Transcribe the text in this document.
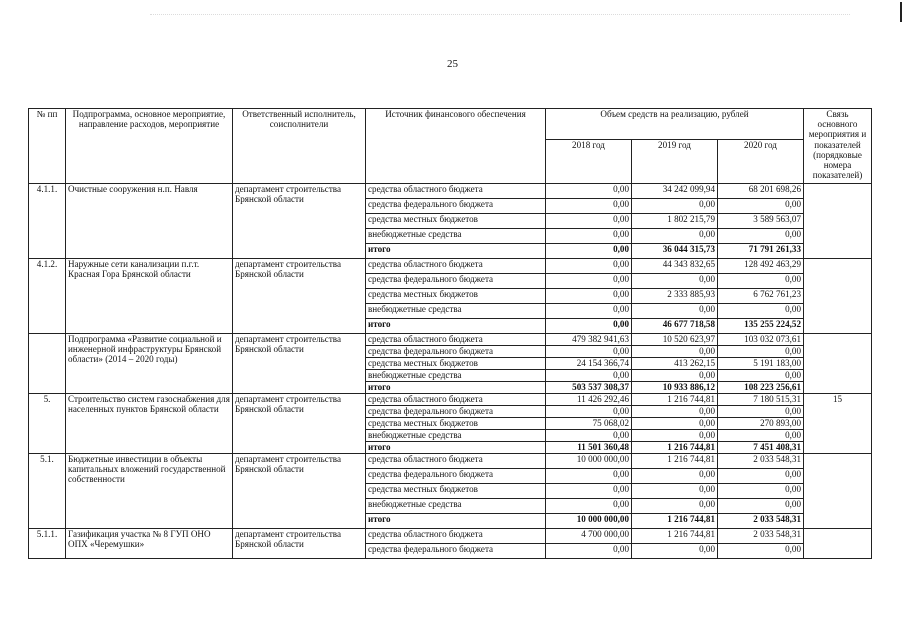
25
№ пп	Подпрограмма, основное мероприятие, направление расходов, мероприятие	Ответственный исполнитель, соисполнители	Источник финансового обеспечения	Объем средств на реализацию, рублей			Связь основного мероприятия и показателей (порядковые номера показателей)
				2018 год	2019 год	2020 год	
4.1.1.	Очистные сооружения н.п. Навля	департамент строительства Брянской области	средства областного бюджета	0,00	34 242 099,94	68 201 698,26	
			средства федерального бюджета	0,00	0,00	0,00	
			средства местных бюджетов	0,00	1 802 215,79	3 589 563,07	
			внебюджетные средства	0,00	0,00	0,00	
			итого	0,00	36 044 315,73	71 791 261,33	
4.1.2.	Наружные сети канализации п.г.т. Красная Гора Брянской области	департамент строительства Брянской области	средства областного бюджета	0,00	44 343 832,65	128 492 463,29	
			средства федерального бюджета	0,00	0,00	0,00	
			средства местных бюджетов	0,00	2 333 885,93	6 762 761,23	
			внебюджетные средства	0,00	0,00	0,00	
			итого	0,00	46 677 718,58	135 255 224,52	
	Подпрограмма «Развитие социальной и инженерной инфраструктуры Брянской области» (2014 – 2020 годы)	департамент строительства Брянской области	средства областного бюджета	479 382 941,63	10 520 623,97	103 032 073,61	
			средства федерального бюджета	0,00	0,00	0,00	
			средства местных бюджетов	24 154 366,74	413 262,15	5 191 183,00	
			внебюджетные средства	0,00	0,00	0,00	
			итого	503 537 308,37	10 933 886,12	108 223 256,61	
5.	Строительство систем газоснабжения для населенных пунктов Брянской области	департамент строительства Брянской области	средства областного бюджета	11 426 292,46	1 216 744,81	7 180 515,31	15
			средства федерального бюджета	0,00	0,00	0,00	
			средства местных бюджетов	75 068,02	0,00	270 893,00	
			внебюджетные средства	0,00	0,00	0,00	
			итого	11 501 360,48	1 216 744,81	7 451 408,31	
5.1.	Бюджетные инвестиции в объекты капитальных вложений государственной собственности	департамент строительства Брянской области	средства областного бюджета	10 000 000,00	1 216 744,81	2 033 548,31	
			средства федерального бюджета	0,00	0,00	0,00	
			средства местных бюджетов	0,00	0,00	0,00	
			внебюджетные средства	0,00	0,00	0,00	
			итого	10 000 000,00	1 216 744,81	2 033 548,31	
5.1.1.	Газификация участка № 8 ГУП ОНО ОПХ «Черемушки»	департамент строительства Брянской области	средства областного бюджета	4 700 000,00	1 216 744,81	2 033 548,31	
			средства федерального бюджета	0,00	0,00	0,00	
